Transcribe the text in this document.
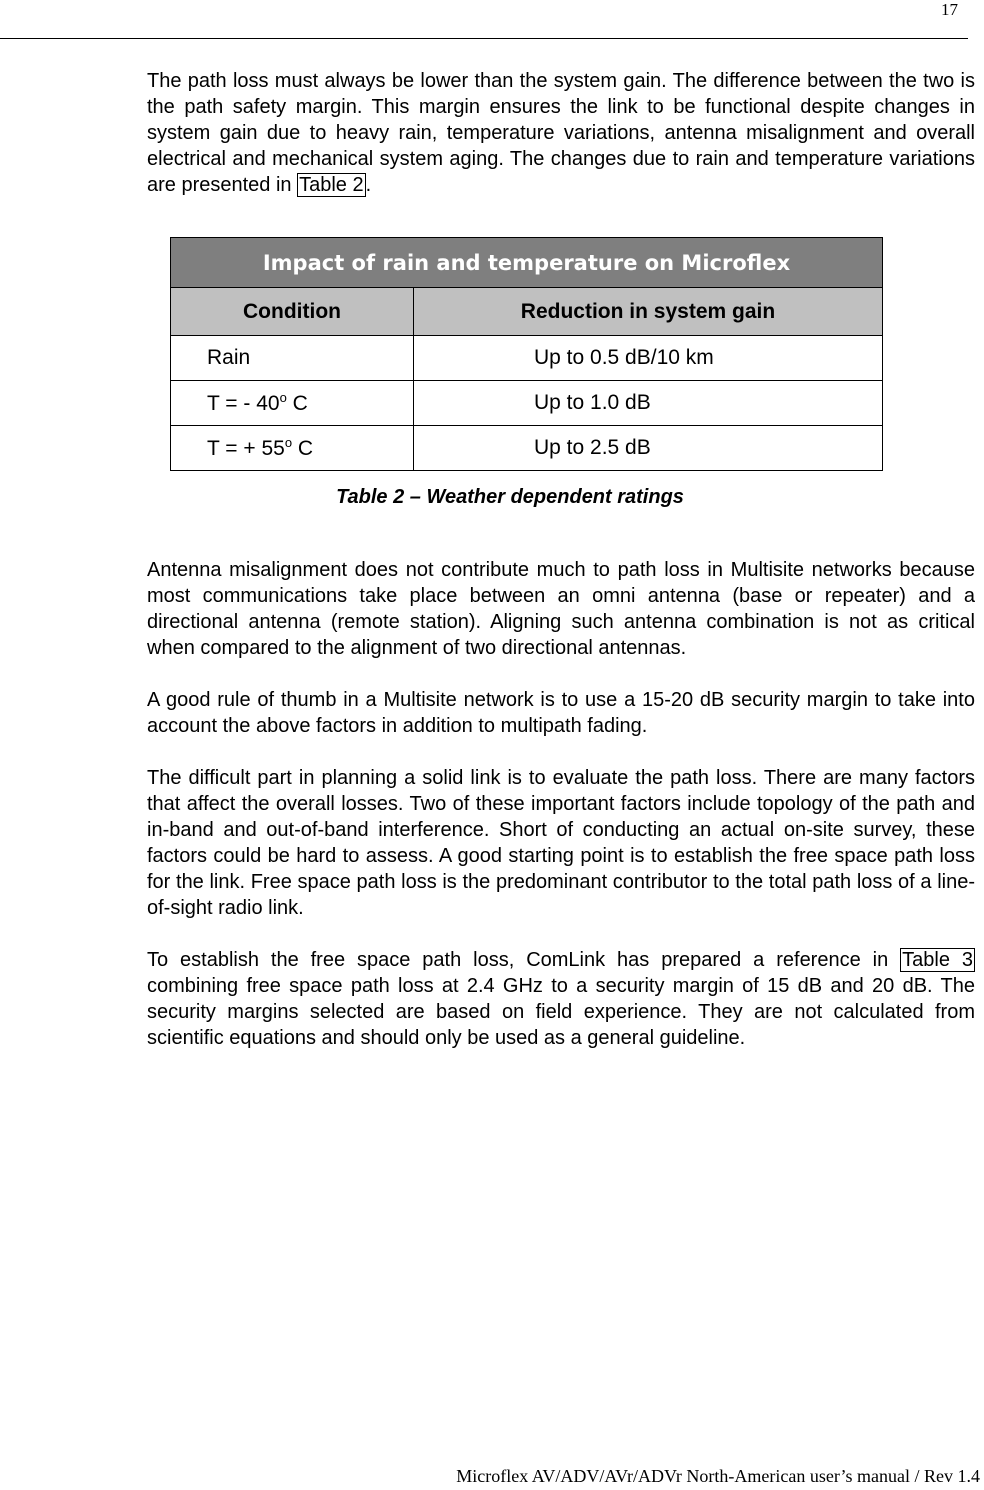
17

The path loss must always be lower than the system gain. The difference between the two is the path safety margin. This margin ensures the link to be functional despite changes in system gain due to heavy rain, temperature variations, antenna misalignment and overall electrical and mechanical system aging. The changes due to rain and temperature variations are presented in Table 2 .

Impact of rain and temperature on Microflex	
Condition	Reduction in system gain
Rain	Up to 0.5 dB/10 km
T = - 40$^o$ C	Up to 1.0 dB
T = + $55^o$ C	Up to 2.5 dB
Table 2 – Weather dependent ratings

Antenna misalignment does not contribute much to path loss in Multisite networks because most communications take place between an omni antenna (base or repeater) and a directional antenna (remote station). Aligning such antenna combination is not as critical when compared to the alignment of two directional antennas.

A good rule of thumb in a Multisite network is to use a 15-20 dB security margin to take into account the above factors in addition to multipath fading.

The difficult part in planning a solid link is to evaluate the path loss. There are many factors that affect the overall losses. Two of these important factors include topology of the path and in-band and out-of-band interference. Short of conducting an actual on-site survey, these factors could be hard to assess. A good starting point is to establish the free space path loss for the link. Free space path loss is the predominant contributor to the total path loss of a line-of-sight radio link.

To establish the free space path loss, ComLink has prepared a reference in Table 3 combining free space path loss at 2.4 GHz to a security margin of 15 dB and 20 dB. The security margins selected are based on field experience. They are not calculated from scientific equations and should only be used as a general guideline.

Microflex AV/ADV/AVr/ADVr North-American user’s manual / Rev 1.4
